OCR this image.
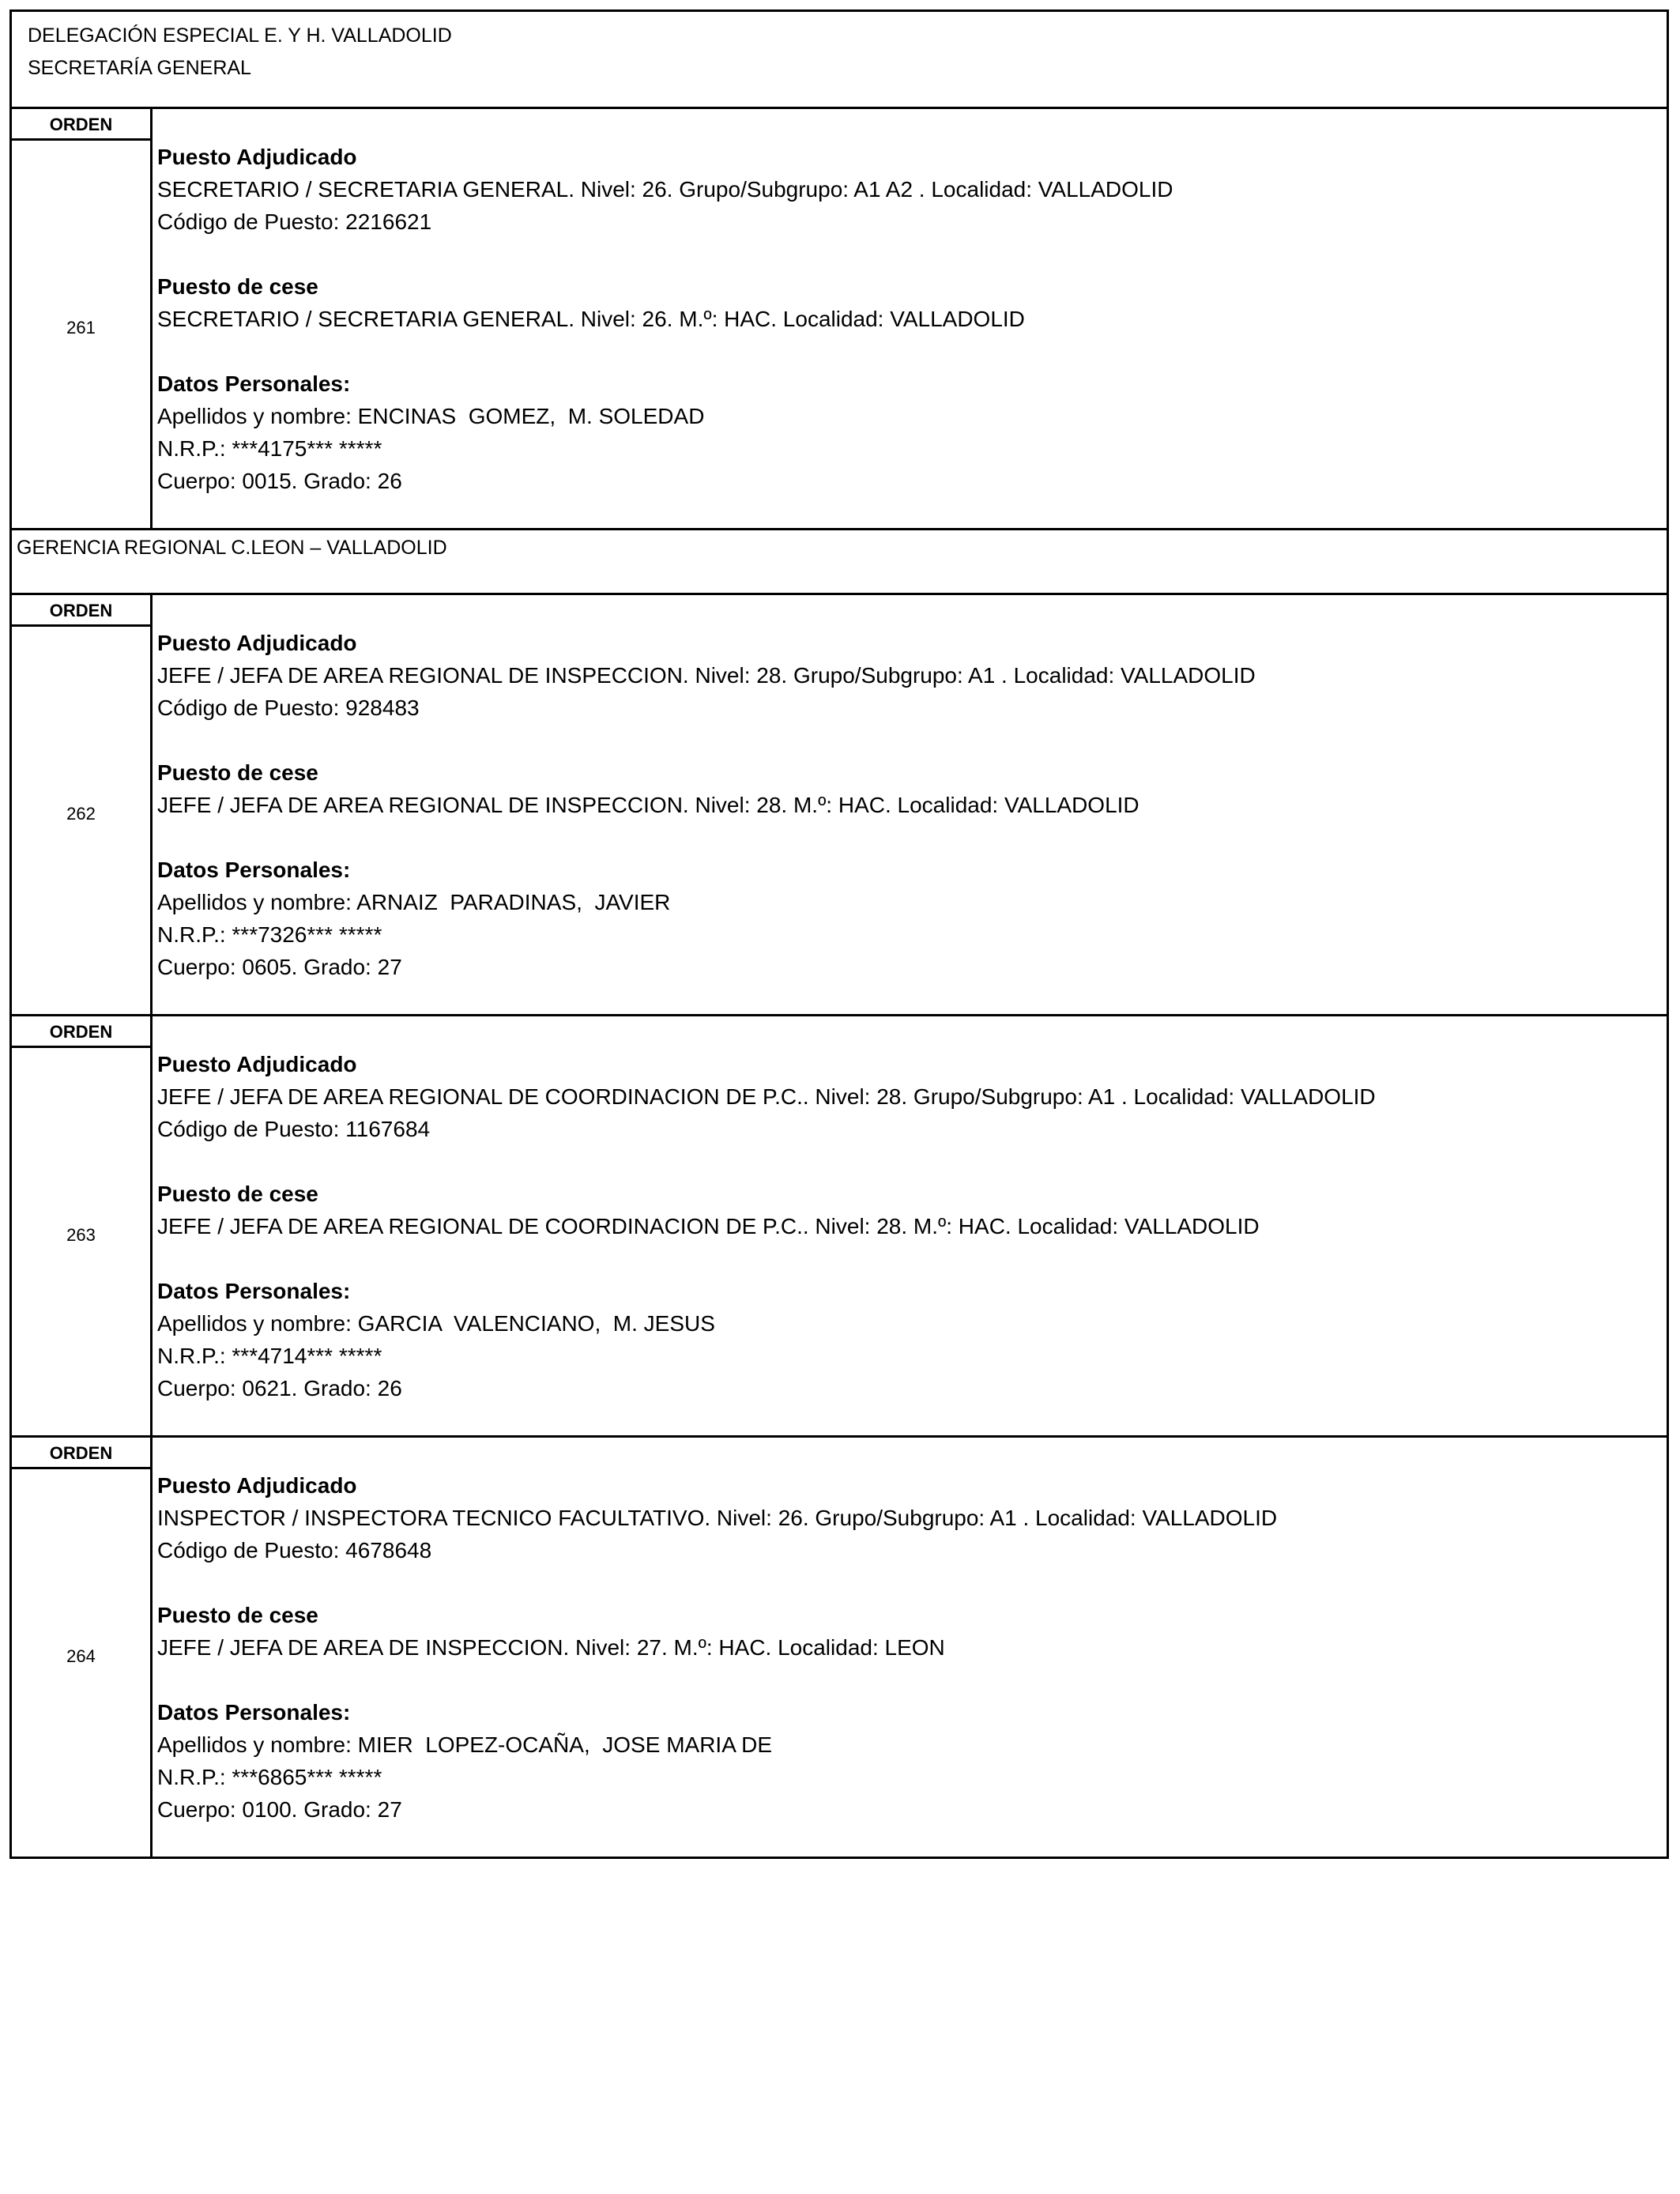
DELEGACIÓN ESPECIAL E. Y H. VALLADOLID
SECRETARÍA GENERAL
ORDEN
261
Puesto Adjudicado
SECRETARIO / SECRETARIA GENERAL. Nivel: 26. Grupo/Subgrupo: A1 A2 . Localidad: VALLADOLID
Código de Puesto: 2216621
Puesto de cese
SECRETARIO / SECRETARIA GENERAL. Nivel: 26. M.º: HAC. Localidad: VALLADOLID
Datos Personales:
Apellidos y nombre: ENCINAS  GOMEZ,  M. SOLEDAD
N.R.P.: ***4175*** *****
Cuerpo: 0015. Grado: 26
GERENCIA REGIONAL C.LEON – VALLADOLID
ORDEN
262
Puesto Adjudicado
JEFE / JEFA DE AREA REGIONAL DE INSPECCION. Nivel: 28. Grupo/Subgrupo: A1 . Localidad: VALLADOLID
Código de Puesto: 928483
Puesto de cese
JEFE / JEFA DE AREA REGIONAL DE INSPECCION. Nivel: 28. M.º: HAC. Localidad: VALLADOLID
Datos Personales:
Apellidos y nombre: ARNAIZ  PARADINAS,  JAVIER
N.R.P.: ***7326*** *****
Cuerpo: 0605. Grado: 27
ORDEN
263
Puesto Adjudicado
JEFE / JEFA DE AREA REGIONAL DE COORDINACION DE P.C.. Nivel: 28. Grupo/Subgrupo: A1 . Localidad: VALLADOLID
Código de Puesto: 1167684
Puesto de cese
JEFE / JEFA DE AREA REGIONAL DE COORDINACION DE P.C.. Nivel: 28. M.º: HAC. Localidad: VALLADOLID
Datos Personales:
Apellidos y nombre: GARCIA  VALENCIANO,  M. JESUS
N.R.P.: ***4714*** *****
Cuerpo: 0621. Grado: 26
ORDEN
264
Puesto Adjudicado
INSPECTOR / INSPECTORA TECNICO FACULTATIVO. Nivel: 26. Grupo/Subgrupo: A1 . Localidad: VALLADOLID
Código de Puesto: 4678648
Puesto de cese
JEFE / JEFA DE AREA DE INSPECCION. Nivel: 27. M.º: HAC. Localidad: LEON
Datos Personales:
Apellidos y nombre: MIER  LOPEZ-OCAÑA,  JOSE MARIA DE
N.R.P.: ***6865*** *****
Cuerpo: 0100. Grado: 27
